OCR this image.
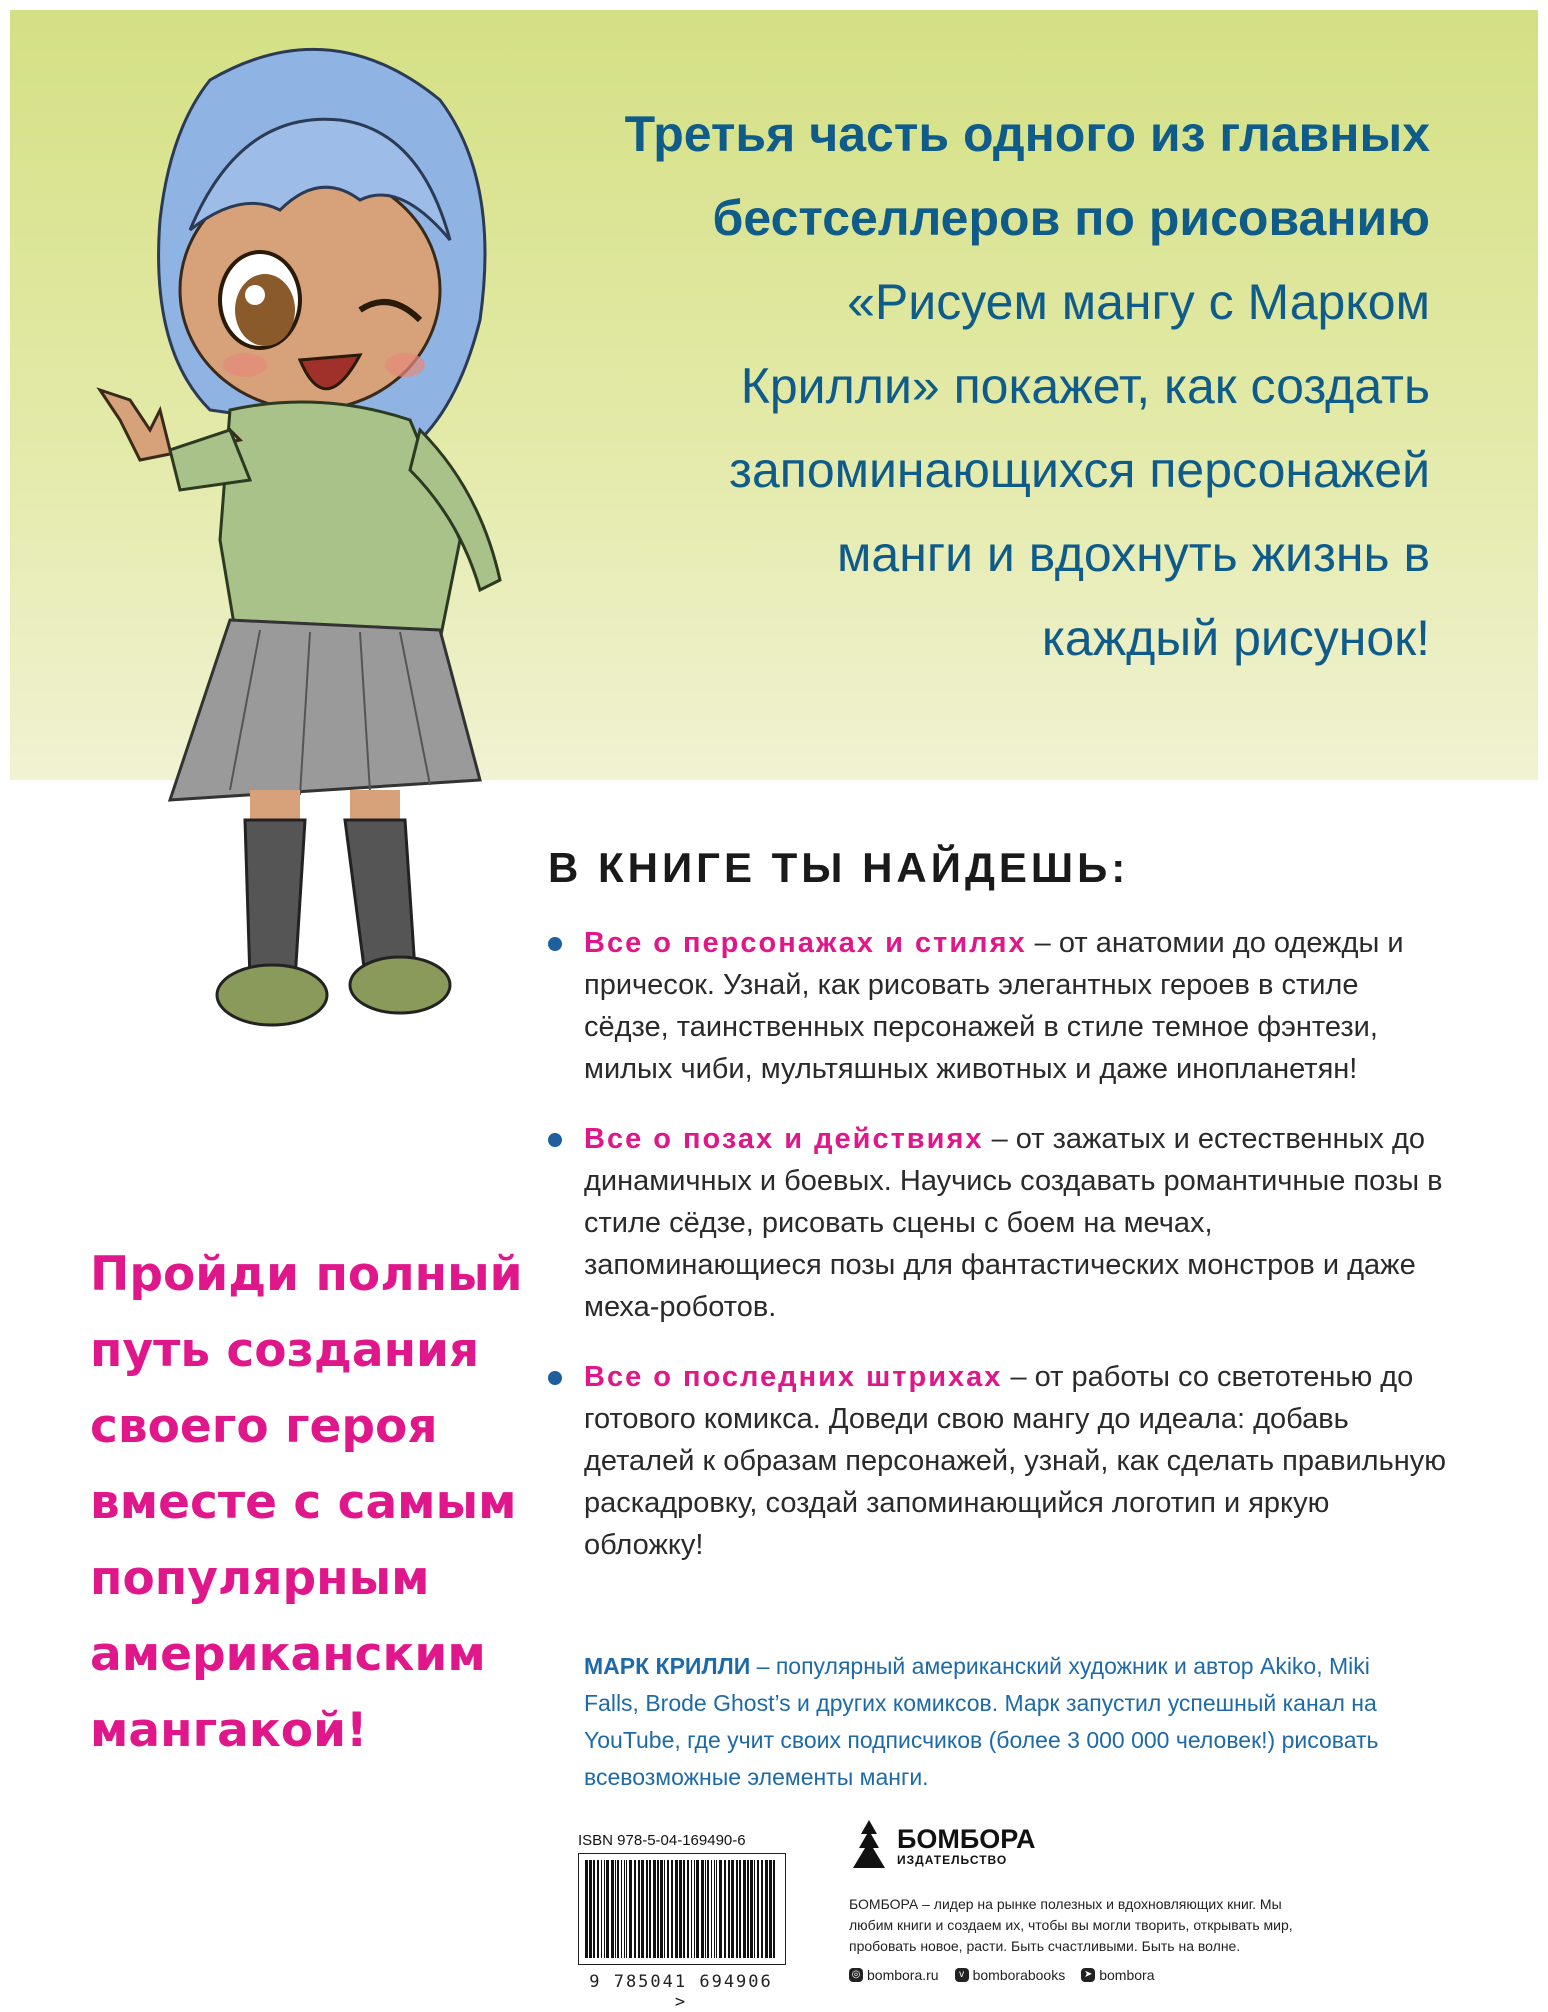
Третья часть одного из главных
бестселлеров по рисованию
«Рисуем мангу с Марком
Крилли» покажет, как создать
запоминающихся персонажей
манги и вдохнуть жизнь в
каждый рисунок!
В КНИГЕ ТЫ НАЙДЕШЬ:
Все о персонажах и стилях – от анатомии до одежды и причесок. Узнай, как рисовать элегантных героев в стиле сёдзе, таинственных персонажей в стиле темное фэнтези, милых чиби, мультяшных животных и даже инопланетян!
Все о позах и действиях – от зажатых и естественных до динамичных и боевых. Научись создавать романтичные позы в стиле сёдзе, рисовать сцены с боем на мечах, запоминающиеся позы для фантастических монстров и даже меха-роботов.
Все о последних штрихах – от работы со светотенью до готового комикса. Доведи свою мангу до идеала: добавь деталей к образам персонажей, узнай, как сделать правильную раскадровку, создай запоминающийся логотип и яркую обложку!
МАРК КРИЛЛИ – популярный американский художник и автор Akiko, Miki Falls, Brode Ghost’s и других комиксов. Марк запустил успешный канал на YouTube, где учит своих подписчиков (более 3 000 000 человек!) рисовать всевозможные элементы манги.
Пройди полный
путь создания
своего героя
вместе с самым
популярным
американским
мангакой!
ISBN 978-5-04-169490-6
9 785041 694906 >
БОМБОРА
ИЗДАТЕЛЬСТВО
БОМБОРА – лидер на рынке полезных и вдохновляющих книг. Мы любим книги и создаем их, чтобы вы могли творить, открывать мир, пробовать новое, расти. Быть счастливыми. Быть на волне.
◎ bombora.ru	v bomborabooks ➤ bombora
